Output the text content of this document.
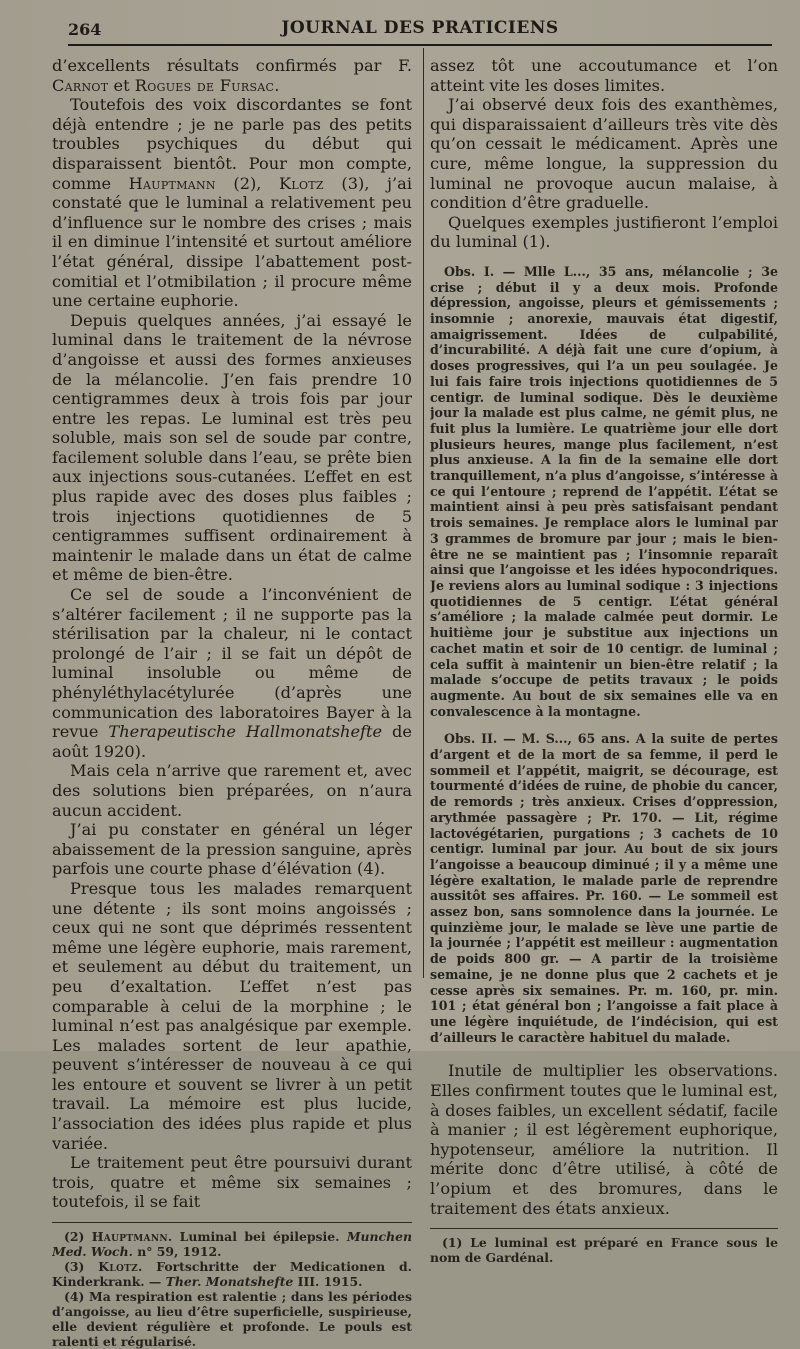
264	JOURNAL DES PRATICIENS

d’excellents résultats confirmés par F. Carnot et Rogues de Fursac.

Toutefois des voix discordantes se font déjà entendre ; je ne parle pas des petits troubles psychiques du début qui disparaissent bientôt. Pour mon compte, comme Hauptmann (2), Klotz (3), j’ai constaté que le luminal a relativement peu d’influence sur le nombre des crises ; mais il en diminue l’intensité et surtout améliore l’état général, dissipe l’abattement post-comitial et l’otmibilation ; il procure même une certaine euphorie.

Depuis quelques années, j’ai essayé le luminal dans le traitement de la névrose d’angoisse et aussi des formes anxieuses de la mélancolie. J’en fais prendre 10 centigrammes deux à trois fois par jour entre les repas. Le luminal est très peu soluble, mais son sel de soude par contre, facilement soluble dans l’eau, se prête bien aux injections sous-cutanées. L’effet en est plus rapide avec des doses plus faibles ; trois injections quotidiennes de 5 centigrammes suffisent ordinairement à maintenir le malade dans un état de calme et même de bien-être.

Ce sel de soude a l’inconvénient de s’altérer facilement ; il ne supporte pas la stérilisation par la chaleur, ni le contact prolongé de l’air ; il se fait un dépôt de luminal insoluble ou même de phényléthylacétylurée (d’après une communication des laboratoires Bayer à la revue Therapeutische Hallmonatshefte de août 1920).

Mais cela n’arrive que rarement et, avec des solutions bien préparées, on n’aura aucun accident.

J’ai pu constater en général un léger abaissement de la pression sanguine, après parfois une courte phase d’élévation (4).

Presque tous les malades remarquent une détente ; ils sont moins angoissés ; ceux qui ne sont que déprimés ressentent même une légère euphorie, mais rarement, et seulement au début du traitement, un peu d’exaltation. L’effet n’est pas comparable à celui de la morphine ; le luminal n’est pas analgésique par exemple. Les malades sortent de leur apathie, peuvent s’intéresser de nouveau à ce qui les entoure et souvent se livrer à un petit travail. La mémoire est plus lucide, l’association des idées plus rapide et plus variée.

Le traitement peut être poursuivi durant trois, quatre et même six semaines ; toutefois, il se fait

(2) Hauptmann. Luminal bei épilepsie. Munchen Med. Woch. n° 59, 1912.

(3) Klotz. Fortschritte der Medicationen d. Kinderkrank. — Ther. Monatshefte III. 1915.

(4) Ma respiration est ralentie ; dans les périodes d’angoisse, au lieu d’être superficielle, suspirieuse, elle devient régulière et profonde. Le pouls est ralenti et régularisé.

assez tôt une accoutumance et l’on atteint vite les doses limites.

J’ai observé deux fois des exanthèmes, qui disparaissaient d’ailleurs très vite dès qu’on cessait le médicament. Après une cure, même longue, la suppression du luminal ne provoque aucun malaise, à condition d’être graduelle.

Quelques exemples justifieront l’emploi du luminal (1).

Obs. I. — Mlle L..., 35 ans, mélancolie ; 3e crise ; début il y a deux mois. Profonde dépression, angoisse, pleurs et gémissements ; insomnie ; anorexie, mauvais état digestif, amaigrissement. Idées de culpabilité, d’incurabilité. A déjà fait une cure d’opium, à doses progressives, qui l’a un peu soulagée. Je lui fais faire trois injections quotidiennes de 5 centigr. de luminal sodique. Dès le deuxième jour la malade est plus calme, ne gémit plus, ne fuit plus la lumière. Le quatrième jour elle dort plusieurs heures, mange plus facilement, n’est plus anxieuse. A la fin de la semaine elle dort tranquillement, n’a plus d’angoisse, s’intéresse à ce qui l’entoure ; reprend de l’appétit. L’état se maintient ainsi à peu près satisfaisant pendant trois semaines. Je remplace alors le luminal par 3 grammes de bromure par jour ; mais le bien-être ne se maintient pas ; l’insomnie reparaît ainsi que l’angoisse et les idées hypocondriques. Je reviens alors au luminal sodique : 3 injections quotidiennes de 5 centigr. L’état général s’améliore ; la malade calmée peut dormir. Le huitième jour je substitue aux injections un cachet matin et soir de 10 centigr. de luminal ; cela suffit à maintenir un bien-être relatif ; la malade s’occupe de petits travaux ; le poids augmente. Au bout de six semaines elle va en convalescence à la montagne.

Obs. II. — M. S..., 65 ans. A la suite de pertes d’argent et de la mort de sa femme, il perd le sommeil et l’appétit, maigrit, se décourage, est tourmenté d’idées de ruine, de phobie du cancer, de remords ; très anxieux. Crises d’oppression, arythmée passagère ; Pr. 170. — Lit, régime lactovégétarien, purgations ; 3 cachets de 10 centigr. luminal par jour. Au bout de six jours l’angoisse a beaucoup diminué ; il y a même une légère exaltation, le malade parle de reprendre aussitôt ses affaires. Pr. 160. — Le sommeil est assez bon, sans somnolence dans la journée. Le quinzième jour, le malade se lève une partie de la journée ; l’appétit est meilleur : augmentation de poids 800 gr. — A partir de la troisième semaine, je ne donne plus que 2 cachets et je cesse après six semaines. Pr. m. 160, pr. min. 101 ; état général bon ; l’angoisse a fait place à une légère inquiétude, de l’indécision, qui est d’ailleurs le caractère habituel du malade.

Inutile de multiplier les observations. Elles confirment toutes que le luminal est, à doses faibles, un excellent sédatif, facile à manier ; il est légèrement euphorique, hypotenseur, améliore la nutrition. Il mérite donc d’être utilisé, à côté de l’opium et des bromures, dans le traitement des états anxieux.

(1) Le luminal est préparé en France sous le nom de Gardénal.
